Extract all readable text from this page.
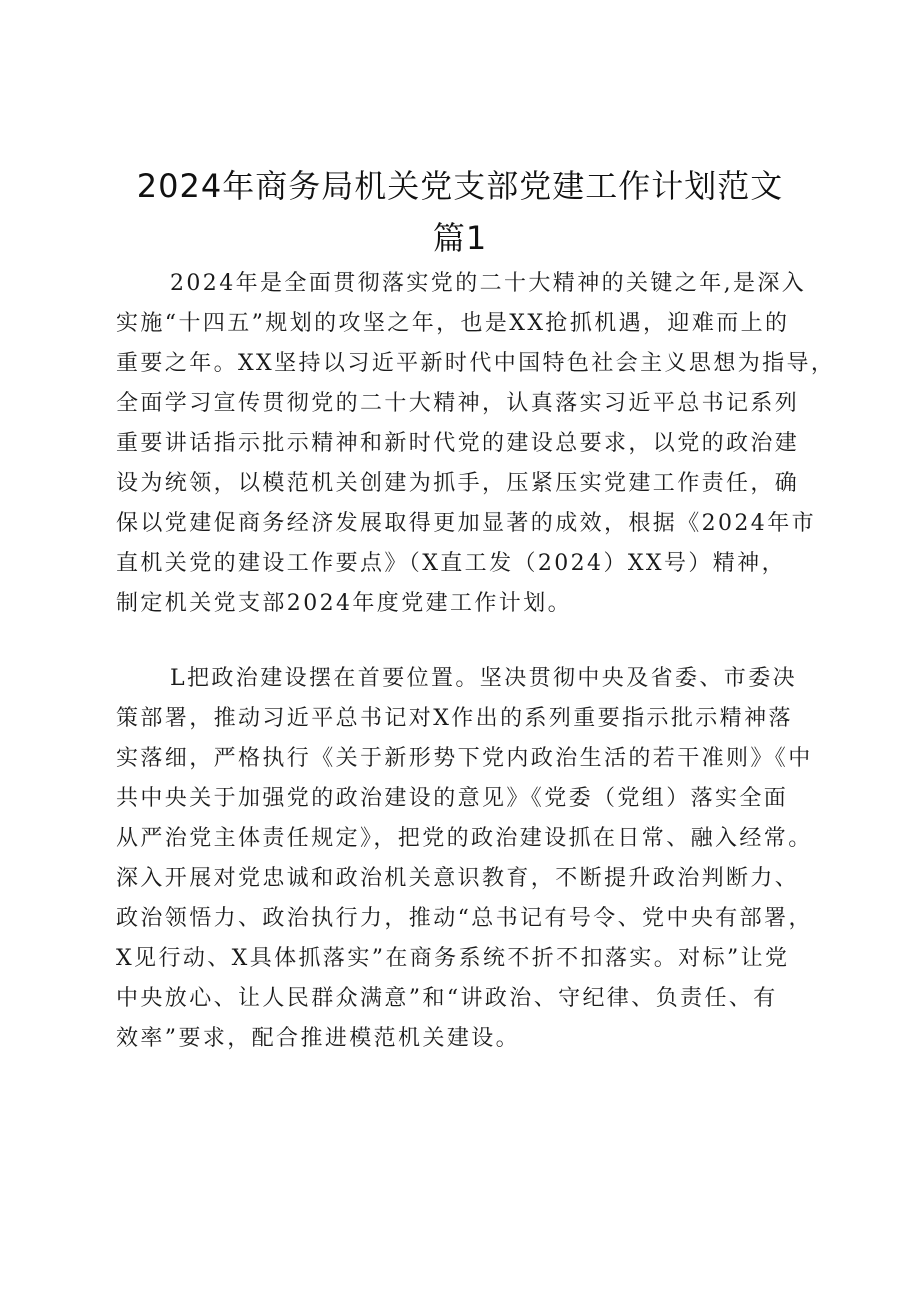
2024年商务局机关党支部党建工作计划范文
篇1
2024年是全面贯彻落实党的二十大精神的关键之年,是深入
实施“十四五”规划的攻坚之年，也是XX抢抓机遇，迎难而上的
重要之年。XX坚持以习近平新时代中国特色社会主义思想为指导，
全面学习宣传贯彻党的二十大精神，认真落实习近平总书记系列
重要讲话指示批示精神和新时代党的建设总要求，以党的政治建
设为统领，以模范机关创建为抓手，压紧压实党建工作责任，确
保以党建促商务经济发展取得更加显著的成效，根据《2024年市
直机关党的建设工作要点》（X直工发（2024）XX号）精神，
制定机关党支部2024年度党建工作计划。
L把政治建设摆在首要位置。坚决贯彻中央及省委、市委决
策部署，推动习近平总书记对X作出的系列重要指示批示精神落
实落细，严格执行《关于新形势下党内政治生活的若干准则》《中
共中央关于加强党的政治建设的意见》《党委（党组）落实全面
从严治党主体责任规定》，把党的政治建设抓在日常、融入经常。
深入开展对党忠诚和政治机关意识教育，不断提升政治判断力、
政治领悟力、政治执行力，推动“总书记有号令、党中央有部署，
X见行动、X具体抓落实”在商务系统不折不扣落实。对标”让党
中央放心、让人民群众满意”和“讲政治、守纪律、负责任、有
效率”要求，配合推进模范机关建设。
